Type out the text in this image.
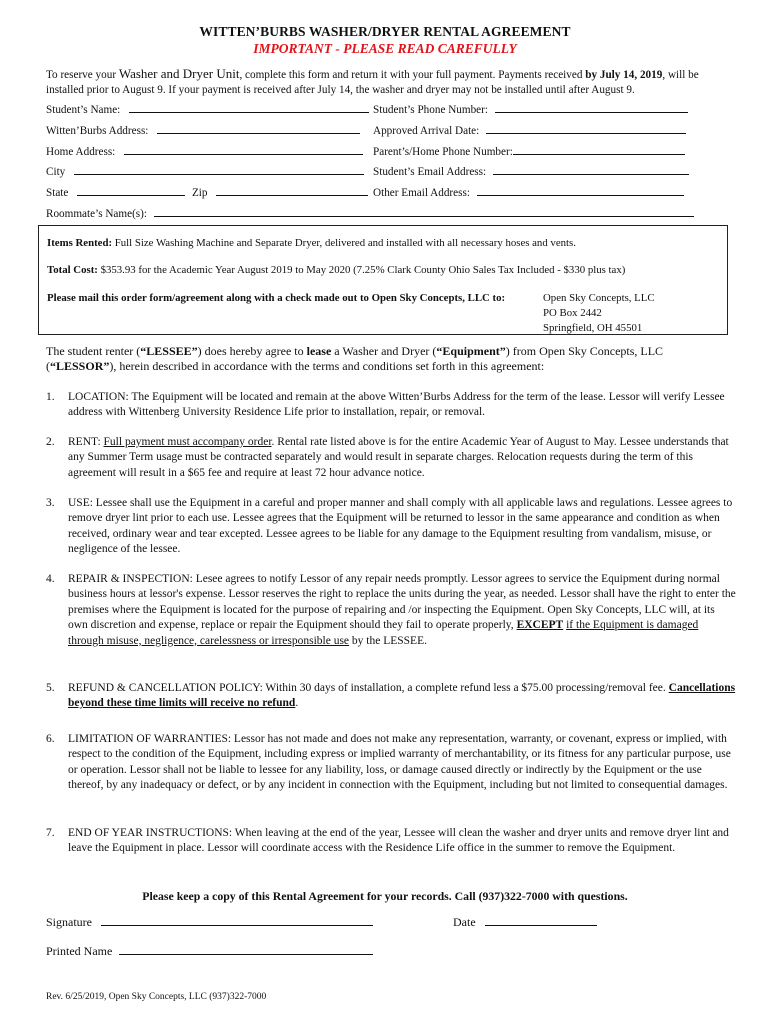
WITTEN’BURBS WASHER/DRYER RENTAL AGREEMENT
IMPORTANT - PLEASE READ CAREFULLY
To reserve your Washer and Dryer Unit, complete this form and return it with your full payment. Payments received by July 14, 2019, will be installed prior to August 9. If your payment is received after July 14, the washer and dryer may not be installed until after August 9.
Student’s Name:	Student’s Phone Number:
Witten’Burbs Address:	Approved Arrival Date:
Home Address:	Parent’s/Home Phone Number:
City	Student’s Email Address:
State	Zip	Other Email Address:
Roommate’s Name(s):
Items Rented: Full Size Washing Machine and Separate Dryer, delivered and installed with all necessary hoses and vents.
Total Cost: $353.93 for the Academic Year August 2019 to May 2020 (7.25% Clark County Ohio Sales Tax Included - $330 plus tax)
Please mail this order form/agreement along with a check made out to Open Sky Concepts, LLC to:	Open Sky Concepts, LLC
PO Box 2442
Springfield, OH 45501
The student renter (“LESSEE”) does hereby agree to lease a Washer and Dryer (“Equipment”) from Open Sky Concepts, LLC (“LESSOR”), herein described in accordance with the terms and conditions set forth in this agreement:
1. LOCATION: The Equipment will be located and remain at the above Witten’Burbs Address for the term of the lease. Lessor will verify Lessee address with Wittenberg University Residence Life prior to installation, repair, or removal.
2. RENT: Full payment must accompany order. Rental rate listed above is for the entire Academic Year of August to May. Lessee understands that any Summer Term usage must be contracted separately and would result in separate charges. Relocation requests during the term of this agreement will result in a $65 fee and require at least 72 hour advance notice.
3. USE: Lessee shall use the Equipment in a careful and proper manner and shall comply with all applicable laws and regulations. Lessee agrees to remove dryer lint prior to each use. Lessee agrees that the Equipment will be returned to lessor in the same appearance and condition as when received, ordinary wear and tear excepted. Lessee agrees to be liable for any damage to the Equipment resulting from vandalism, misuse, or negligence of the lessee.
4. REPAIR & INSPECTION: Lesee agrees to notify Lessor of any repair needs promptly. Lessor agrees to service the Equipment during normal business hours at lessor's expense. Lessor reserves the right to replace the units during the year, as needed. Lessor shall have the right to enter the premises where the Equipment is located for the purpose of repairing and /or inspecting the Equipment. Open Sky Concepts, LLC will, at its own discretion and expense, replace or repair the Equipment should they fail to operate properly, EXCEPT if the Equipment is damaged through misuse, negligence, carelessness or irresponsible use by the LESSEE.
5. REFUND & CANCELLATION POLICY: Within 30 days of installation, a complete refund less a $75.00 processing/removal fee. Cancellations beyond these time limits will receive no refund.
6. LIMITATION OF WARRANTIES: Lessor has not made and does not make any representation, warranty, or covenant, express or implied, with respect to the condition of the Equipment, including express or implied warranty of merchantability, or its fitness for any particular purpose, use or operation. Lessor shall not be liable to lessee for any liability, loss, or damage caused directly or indirectly by the Equipment or the use thereof, by any inadequacy or defect, or by any incident in connection with the Equipment, including but not limited to consequential damages.
7. END OF YEAR INSTRUCTIONS: When leaving at the end of the year, Lessee will clean the washer and dryer units and remove dryer lint and leave the Equipment in place. Lessor will coordinate access with the Residence Life office in the summer to remove the Equipment.
Please keep a copy of this Rental Agreement for your records. Call (937)322-7000 with questions.
Signature	Date
Printed Name
Rev. 6/25/2019, Open Sky Concepts, LLC (937)322-7000
